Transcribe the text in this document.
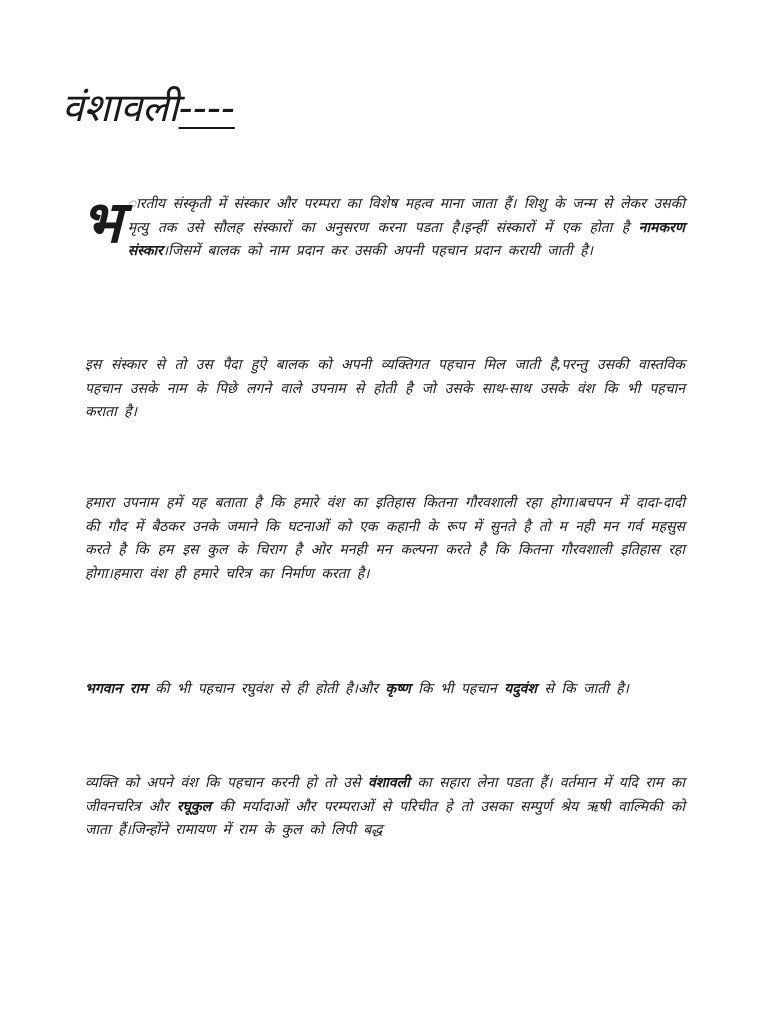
वंशावली----

भ ारतीय संस्कृती में संस्कार और परम्परा का विशेष महत्व माना जाता हैं। शिशु के जन्म से लेकर उसकी मृत्यु तक उसे सौलह संस्कारों का अनुसरण करना पडता है।इन्हीं संस्कारों में एक होता है नामकरण संस्कार।जिसमें बालक को नाम प्रदान कर उसकी अपनी पहचान प्रदान करायी जाती है।

इस संस्कार से तो उस पैदा हुऐ बालक को अपनी व्यक्तिगत पहचान मिल जाती है,परन्तु उसकी वास्तविक पहचान उसके नाम के पिछे लगने वाले उपनाम से होती है जो उसके साथ-साथ उसके वंश कि भी पहचान कराता है।

हमारा उपनाम हमें यह बताता है कि हमारे वंश का इतिहास कितना गौरवशाली रहा होगा।बचपन में दादा-दादी की गौद में बैठकर उनके जमाने कि घटनाओं को एक कहानी के रूप में सुनते है तो म नही मन गर्व महसुस करते है कि हम इस कुल के चिराग है ओर मनही मन कल्पना करते है कि कितना गौरवशाली इतिहास रहा होगा।हमारा वंश ही हमारे चरित्र का निर्माण करता है।

भगवान राम की भी पहचान रघुवंश से ही होती है।और कृष्ण कि भी पहचान यदुवंश से कि जाती है।

व्यक्ति को अपने वंश कि पहचान करनी हो तो उसे वंशावली का सहारा लेना पडता हैं। वर्तमान में यदि राम का जीवनचरित्र और रघूकुल की मर्यादाओं और परम्पराओं से परिचीत हे तो उसका सम्पुर्ण श्रेय ऋषी वाल्मिकी को जाता हैं।जिन्होंने रामायण में राम के कुल को लिपी बद्ध
